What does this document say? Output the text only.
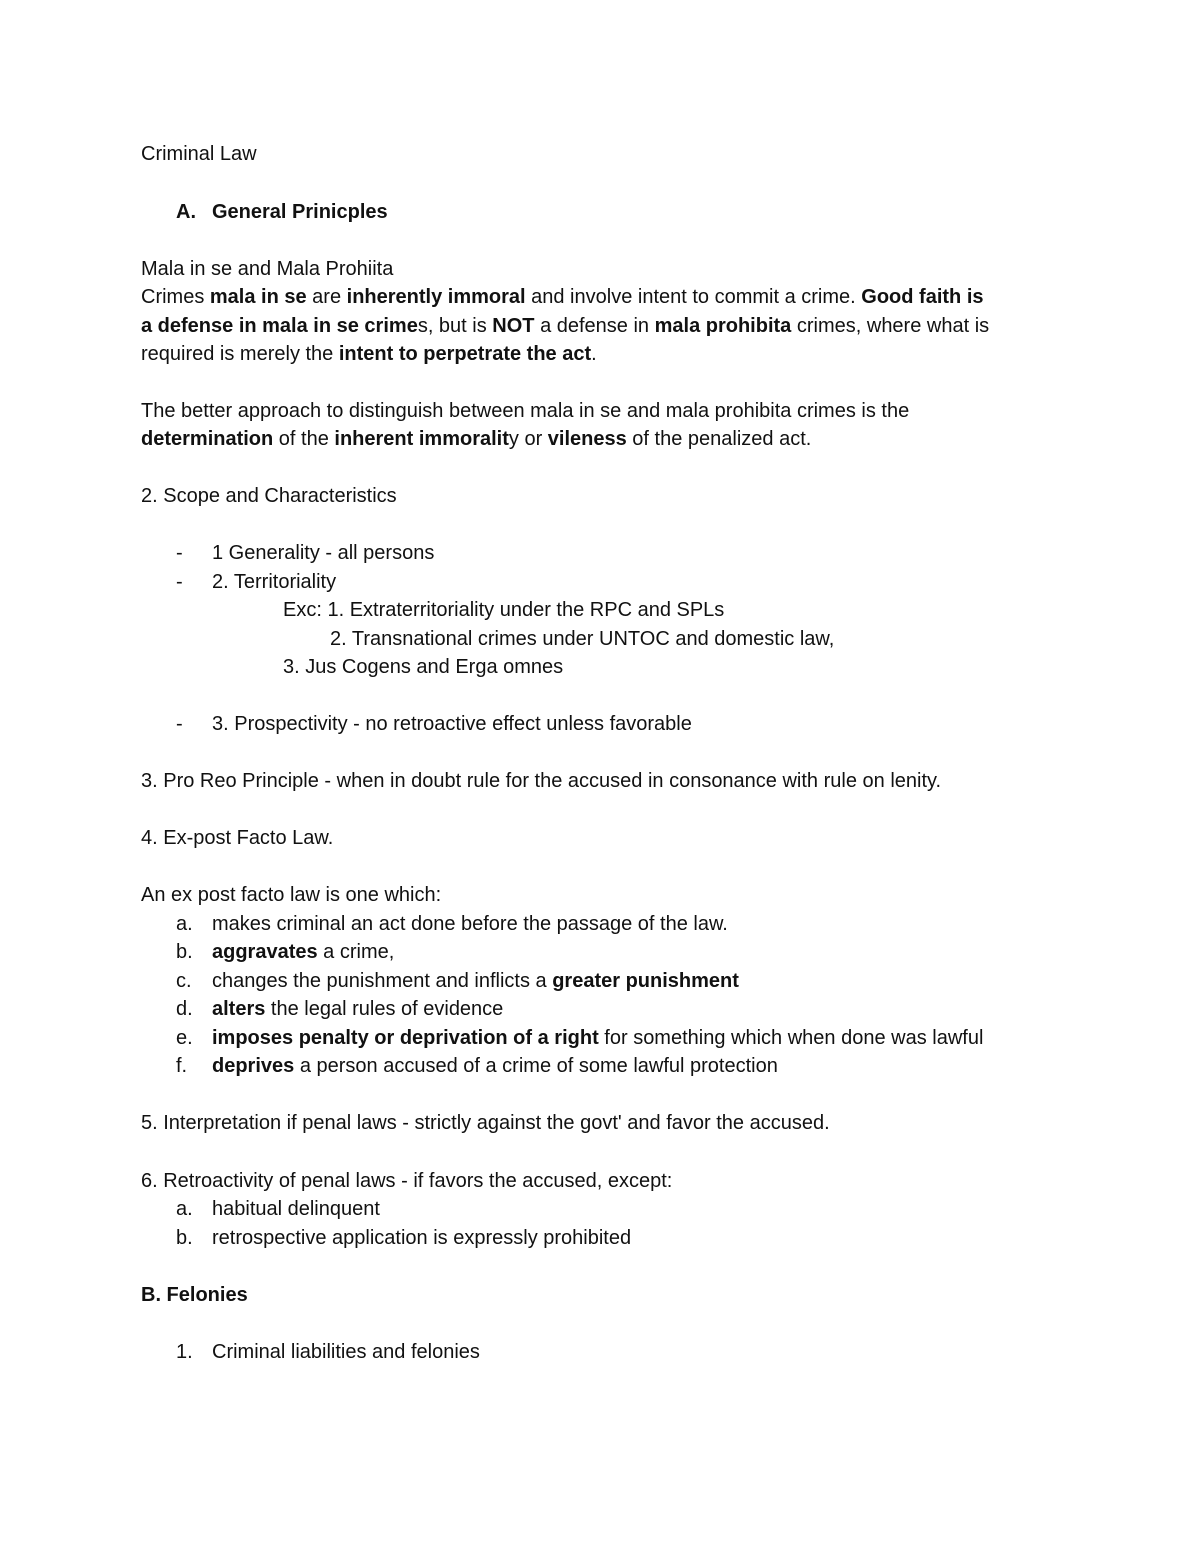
Criminal Law
A. General Prinicples
Mala in se and Mala Prohiita
Crimes mala in se are inherently immoral and involve intent to commit a crime. Good faith is
a defense in mala in se crimes, but is NOT a defense in mala prohibita crimes, where what is
required is merely the intent to perpetrate the act.
The better approach to distinguish between mala in se and mala prohibita crimes is the
determination of the inherent immorality or vileness of the penalized act.
2. Scope and Characteristics
- 1 Generality - all persons
- 2. Territoriality
Exc: 1. Extraterritoriality under the RPC and SPLs
2. Transnational crimes under UNTOC and domestic law,
3. Jus Cogens and Erga omnes
- 3. Prospectivity - no retroactive effect unless favorable
3. Pro Reo Principle - when in doubt rule for the accused in consonance with rule on lenity.
4. Ex-post Facto Law.
An ex post facto law is one which:
a. makes criminal an act done before the passage of the law.
b. aggravates a crime,
c. changes the punishment and inflicts a greater punishment
d. alters the legal rules of evidence
e. imposes penalty or deprivation of a right for something which when done was lawful
f. deprives a person accused of a crime of some lawful protection
5. Interpretation if penal laws - strictly against the govt' and favor the accused.
6. Retroactivity of penal laws - if favors the accused, except:
a. habitual delinquent
b. retrospective application is expressly prohibited
B. Felonies
1. Criminal liabilities and felonies
